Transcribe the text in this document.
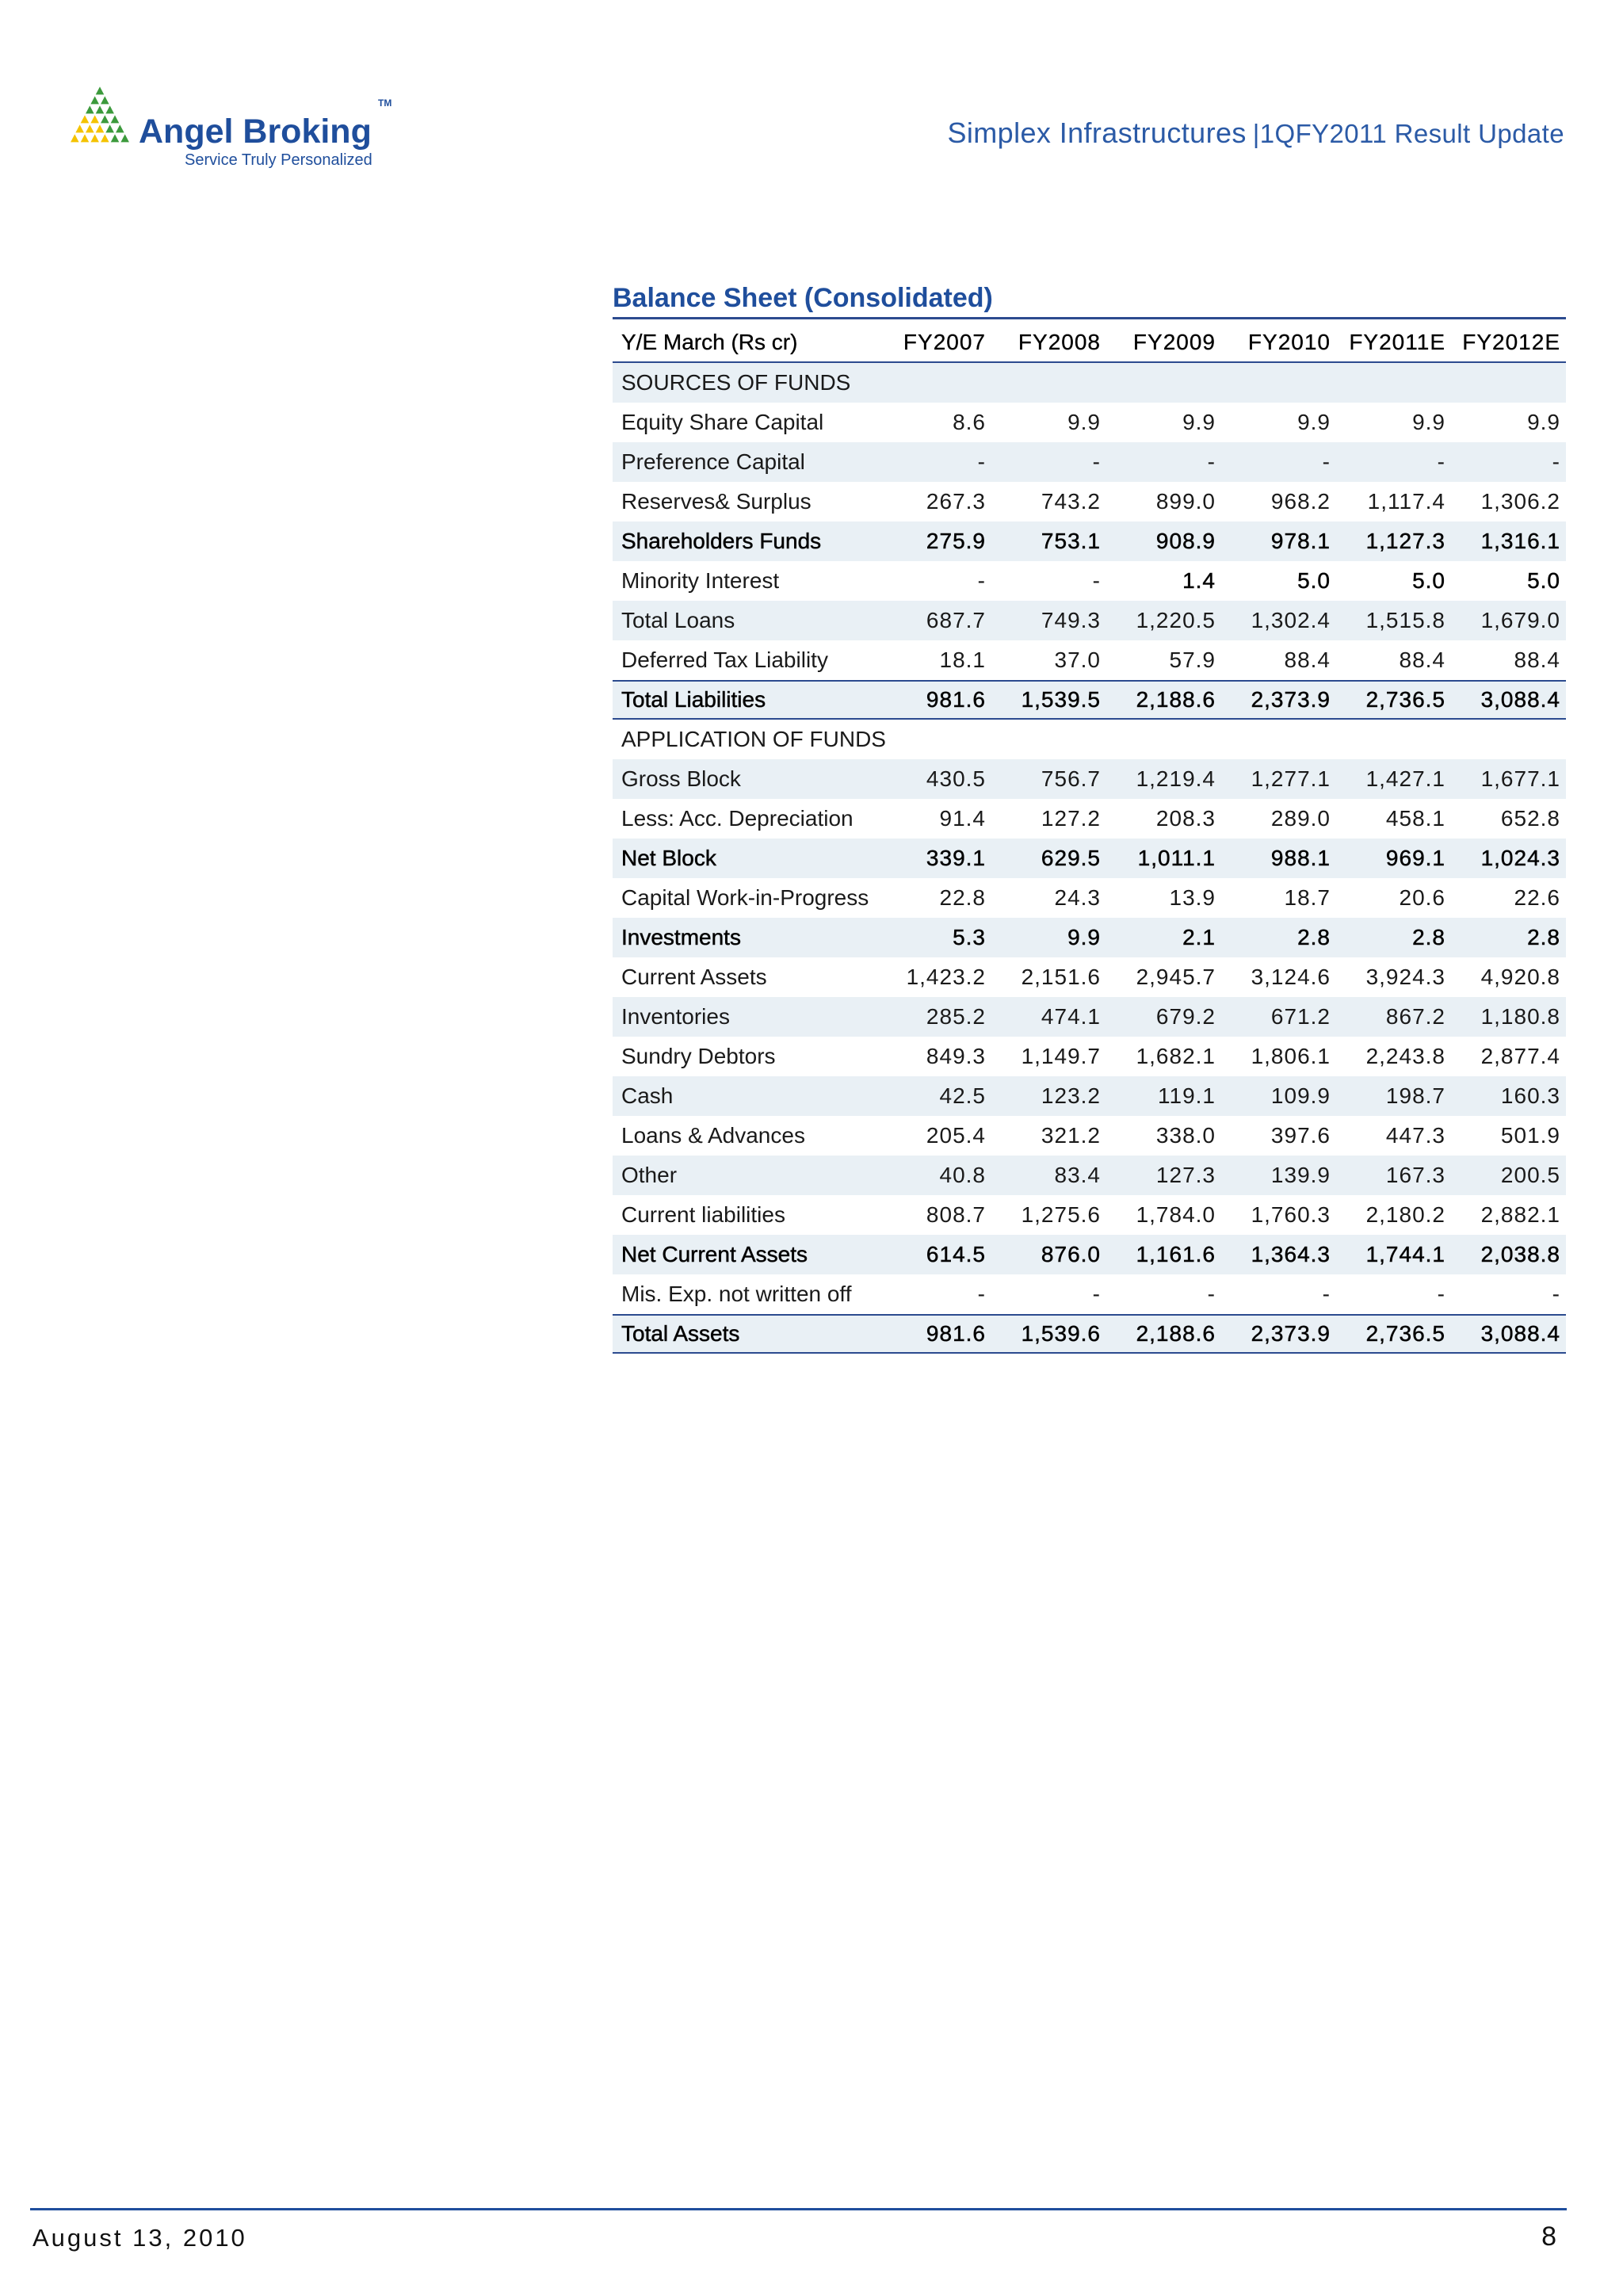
Angel Broking
TM
Service Truly Personalized
Simplex Infrastructures |1QFY2011 Result Update
Balance Sheet (Consolidated)
Y/E March (Rs cr)	FY2007	FY2008	FY2009	FY2010 FY2011E FY2012E
SOURCES OF FUNDS
Equity Share Capital	8.6	9.9	9.9	9.9	9.9	9.9
Preference Capital	-	-	-	-	-	-
Reserves& Surplus	267.3	743.2	899.0	968.2	1,117.4	1,306.2
Shareholders Funds	275.9	753.1	908.9	978.1	1,127.3	1,316.1
Minority Interest	-	-	1.4	5.0	5.0	5.0
Total Loans	687.7	749.3	1,220.5	1,302.4	1,515.8	1,679.0
Deferred Tax Liability	18.1	37.0	57.9	88.4	88.4	88.4
Total Liabilities	981.6	1,539.5	2,188.6	2,373.9	2,736.5	3,088.4
APPLICATION OF FUNDS
Gross Block	430.5	756.7	1,219.4	1,277.1	1,427.1	1,677.1
Less: Acc. Depreciation	91.4	127.2	208.3	289.0	458.1	652.8
Net Block	339.1	629.5	1,011.1	988.1	969.1	1,024.3
Capital Work-in-Progress	22.8	24.3	13.9	18.7	20.6	22.6
Investments	5.3	9.9	2.1	2.8	2.8	2.8
Current Assets	1,423.2	2,151.6	2,945.7	3,124.6	3,924.3	4,920.8
Inventories	285.2	474.1	679.2	671.2	867.2	1,180.8
Sundry Debtors	849.3	1,149.7	1,682.1	1,806.1	2,243.8	2,877.4
Cash	42.5	123.2	119.1	109.9	198.7	160.3
Loans & Advances	205.4	321.2	338.0	397.6	447.3	501.9
Other	40.8	83.4	127.3	139.9	167.3	200.5
Current liabilities	808.7	1,275.6	1,784.0	1,760.3	2,180.2	2,882.1
Net Current Assets	614.5	876.0	1,161.6	1,364.3	1,744.1	2,038.8
Mis. Exp. not written off	-	-	-	-	-	-
Total Assets	981.6	1,539.6	2,188.6	2,373.9	2,736.5	3,088.4
August 13, 2010	8
